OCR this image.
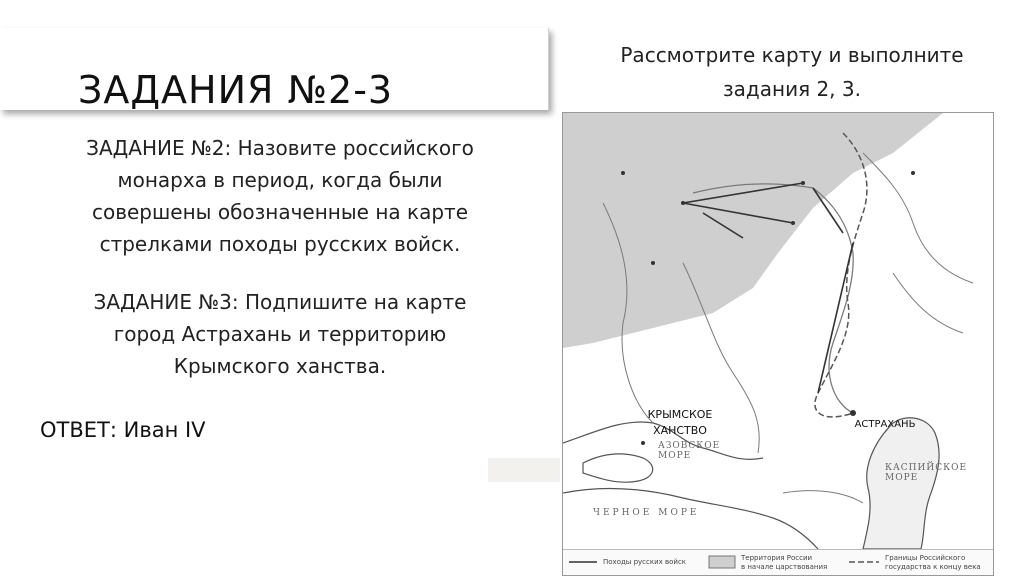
ЗАДАНИЯ №2-3
Рассмотрите карту и выполните
задания 2, 3.
ЗАДАНИЕ №2: Назовите российского
монарха в период, когда были
совершены обозначенные на карте
стрелками походы русских войск.
ЗАДАНИЕ №3: Подпишите на карте
город Астрахань и территорию
Крымского ханства.
ОТВЕТ: Иван IV
КРЫМСКОЕ
ХАНСТВО	АСТРАХАНЬ
ЧЕРНОЕ МОРЕ
АЗОВСКОЕ МОРЕ
КАСПИЙСКОЕ МОРЕ
Походы русских войск	Территория России
в начале царствования
Границы Российского
государства к концу века
